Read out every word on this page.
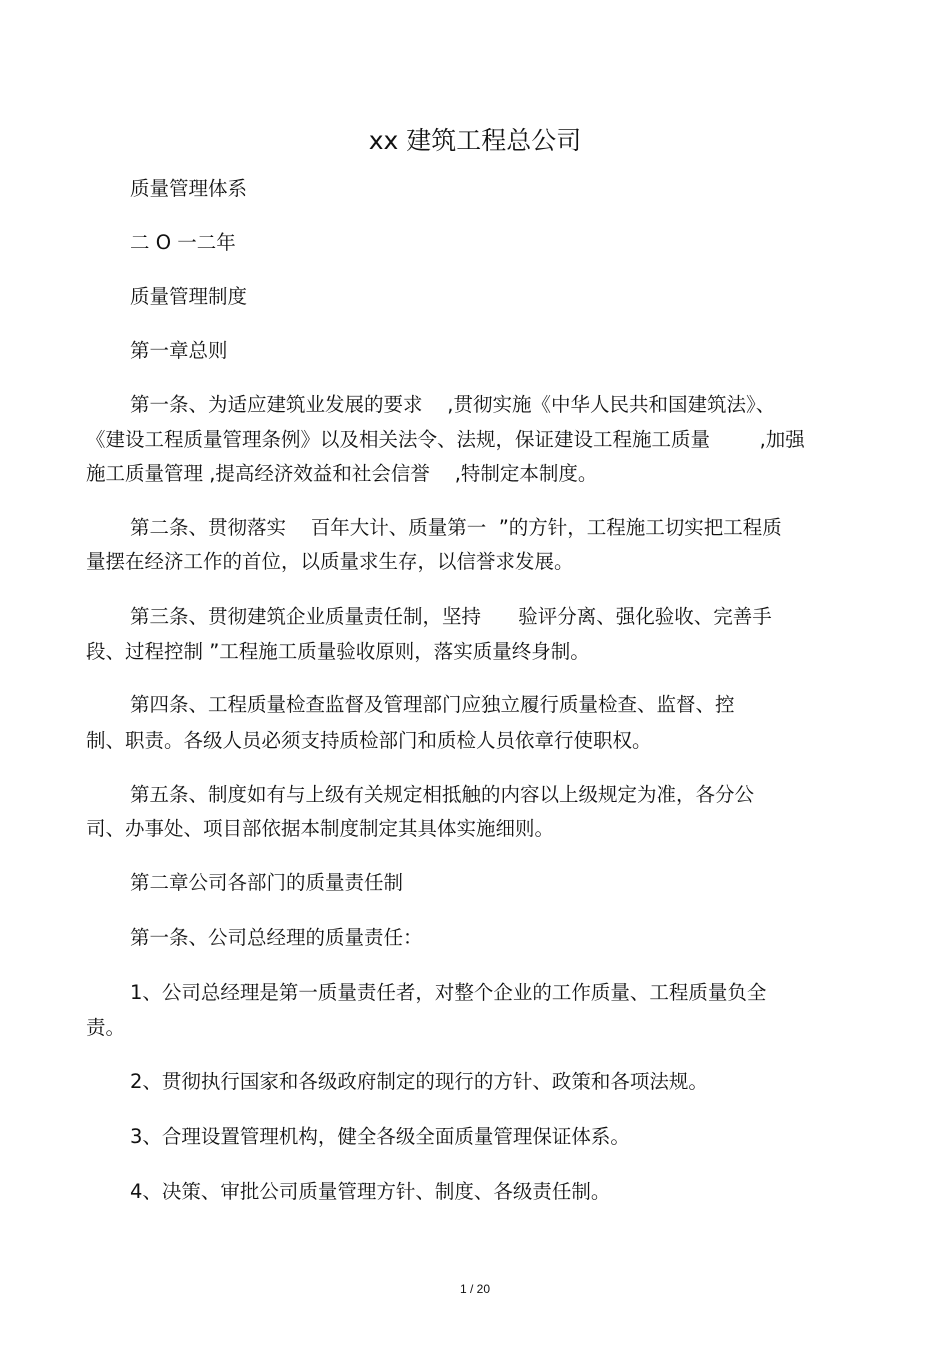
xx 建筑工程总公司

质量管理体系

二 O 一二年

质量管理制度

第一章总则

第一条、为适应建筑业发展的要求    ,贯彻实施《中华人民共和国建筑法》、

《建设工程质量管理条例》以及相关法令、法规，保证建设工程施工质量        ,加强

施工质量管理 ,提高经济效益和社会信誉    ,特制定本制度。

第二条、贯彻落实    百年大计、质量第一  ”的方针，工程施工切实把工程质

量摆在经济工作的首位，以质量求生存，以信誉求发展。

第三条、贯彻建筑企业质量责任制，坚持      验评分离、强化验收、完善手

段、过程控制 ”工程施工质量验收原则，落实质量终身制。

第四条、工程质量检查监督及管理部门应独立履行质量检查、监督、控

制、职责。各级人员必须支持质检部门和质检人员依章行使职权。

第五条、制度如有与上级有关规定相抵触的内容以上级规定为准，各分公

司、办事处、项目部依据本制度制定其具体实施细则。

第二章公司各部门的质量责任制

第一条、公司总经理的质量责任：

1、公司总经理是第一质量责任者，对整个企业的工作质量、工程质量负全

责。

2、贯彻执行国家和各级政府制定的现行的方针、政策和各项法规。

3、合理设置管理机构，健全各级全面质量管理保证体系。

4、决策、审批公司质量管理方针、制度、各级责任制。

1 / 20
